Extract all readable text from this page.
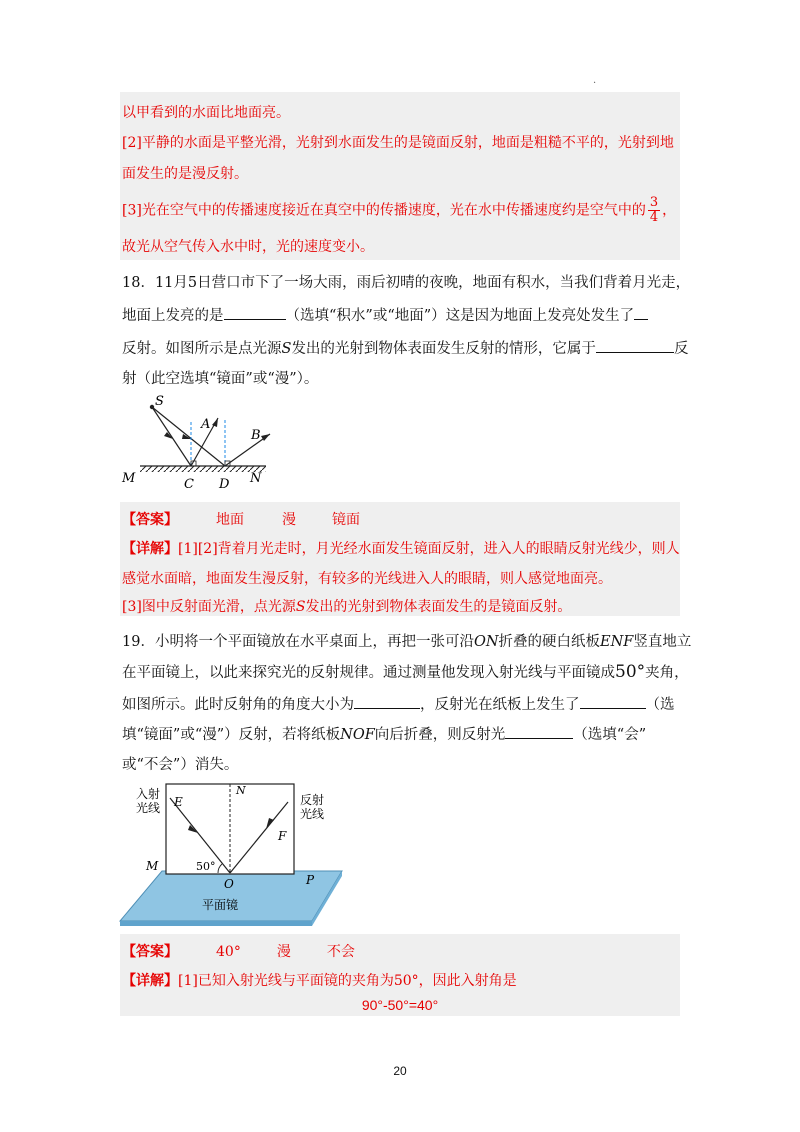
·
以甲看到的水面比地面亮。
[2]平静的水面是平整光滑，光射到水面发生的是镜面反射，地面是粗糙不平的，光射到地
面发生的是漫反射。
[3]光在空气中的传播速度接近在真空中的传播速度，光在水中传播速度约是空气中的 $\frac{3}{4}$ ，
故光从空气传入水中时，光的速度变小。
18．11月5日营口市下了一场大雨，雨后初晴的夜晚，地面有积水，当我们背着月光走，
地面上发亮的是	（选填“积水”或“地面”）这是因为地面上发亮处发生了
反射。如图所示是点光源S发出的光射到物体表面发生反射的情形，它属于	反
射（此空选填“镜面”或“漫”）。
S
A
B
M	C D N
【答案】	地面	漫	镜面
【详解】[1][2]背着月光走时，月光经水面发生镜面反射，进入人的眼睛反射光线少，则人
感觉水面暗，地面发生漫反射，有较多的光线进入人的眼睛，则人感觉地面亮。
[3]图中反射面光滑，点光源S发出的光射到物体表面发生的是镜面反射。
19．小明将一个平面镜放在水平桌面上，再把一张可沿ON折叠的硬白纸板ENF竖直地立
在平面镜上，以此来探究光的反射规律。通过测量他发现入射光线与平面镜成50°夹角，
如图所示。此时反射角的角度大小为	，反射光在纸板上发生了	（选
填“镜面”或“漫”）反射，若将纸板NOF向后折叠，则反射光	（选填“会”
或“不会”）消失。
入射
光线
反射
光线
E
F
N
M
O	P
50°
平面镜
【答案】	40°	漫	不会
【详解】[1]已知入射光线与平面镜的夹角为50°，因此入射角是
90°-50°=40°
20
